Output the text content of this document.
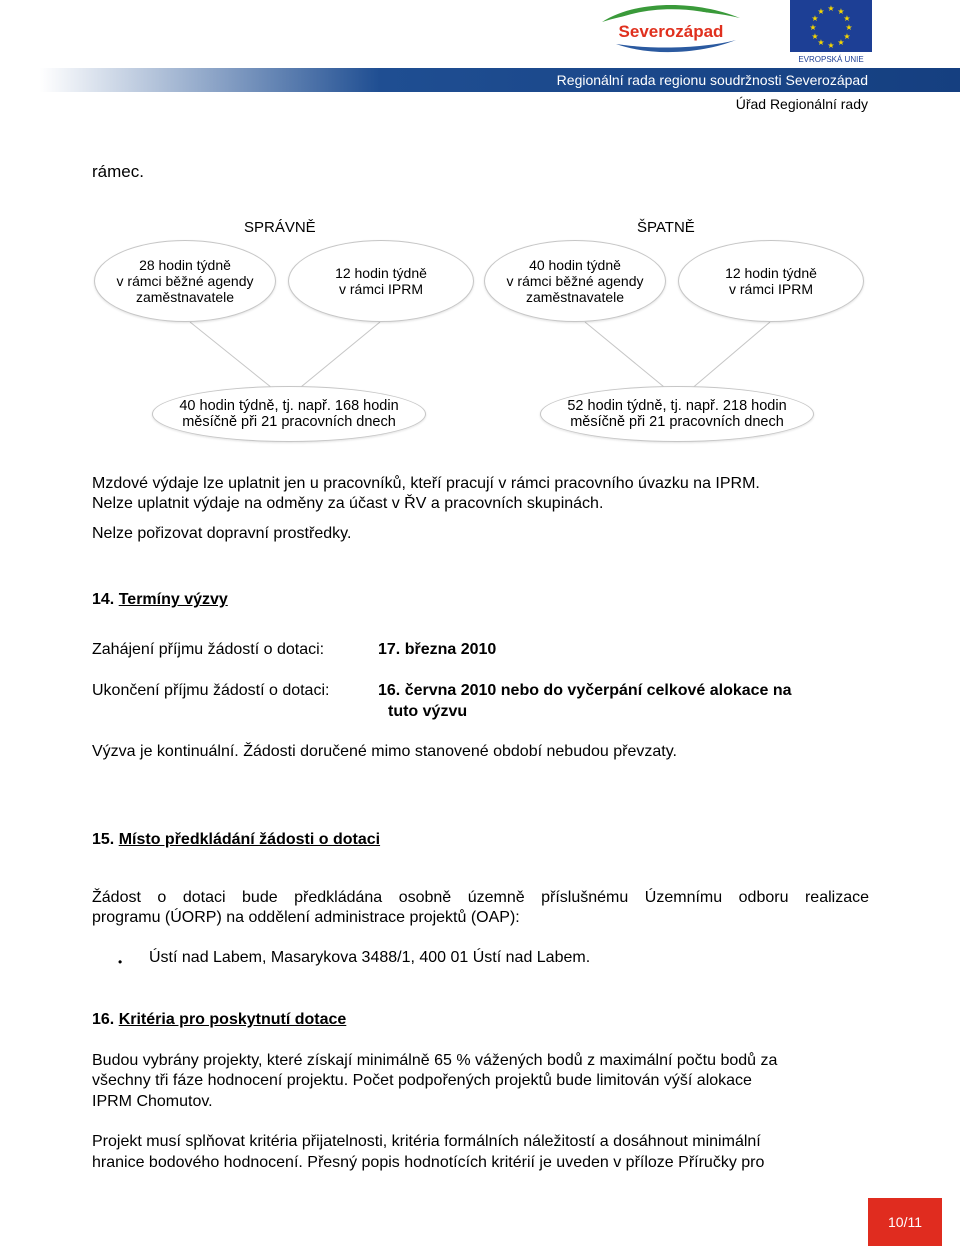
Severozápad
★ ★
★
★
★
★
★
★
★
★
★
★
EVROPSKÁ UNIE
Regionální rada regionu soudržnosti Severozápad
Úřad Regionální rady
rámec.
SPRÁVNĚ	ŠPATNĚ
28 hodin týdně
v rámci běžné agendy
zaměstnavatele
12 hodin týdně
v rámci IPRM
40 hodin týdně
v rámci běžné agendy
zaměstnavatele
12 hodin týdně
v rámci IPRM
40 hodin týdně, tj. např. 168 hodin
měsíčně při 21 pracovních dnech
52 hodin týdně, tj. např. 218 hodin
měsíčně při 21 pracovních dnech
Mzdové výdaje lze uplatnit jen u pracovníků, kteří pracují v rámci pracovního úvazku na IPRM.
Nelze uplatnit výdaje na odměny za účast v ŘV a pracovních skupinách.
Nelze pořizovat dopravní prostředky.
14. Termíny výzvy
Zahájení příjmu žádostí o dotaci:	17. března 2010
Ukončení příjmu žádostí o dotaci:	16. června 2010 nebo do vyčerpání celkové alokace na
tuto výzvu
Výzva je kontinuální. Žádosti doručené mimo stanovené období nebudou převzaty.
15. Místo předkládání žádosti o dotaci
Žádost o dotaci bude předkládána osobně územně příslušnému Územnímu odboru realizace
programu (ÚORP) na oddělení administrace projektů (OAP):
• Ústí nad Labem, Masarykova 3488/1, 400 01 Ústí nad Labem.
16. Kritéria pro poskytnutí dotace
Budou vybrány projekty, které získají minimálně 65 % vážených bodů z maximální počtu bodů za
všechny tři fáze hodnocení projektu. Počet podpořených projektů bude limitován výší alokace
IPRM Chomutov.
Projekt musí splňovat kritéria přijatelnosti, kritéria formálních náležitostí a dosáhnout minimální
hranice bodového hodnocení. Přesný popis hodnotících kritérií je uveden v příloze Příručky pro
10/11
